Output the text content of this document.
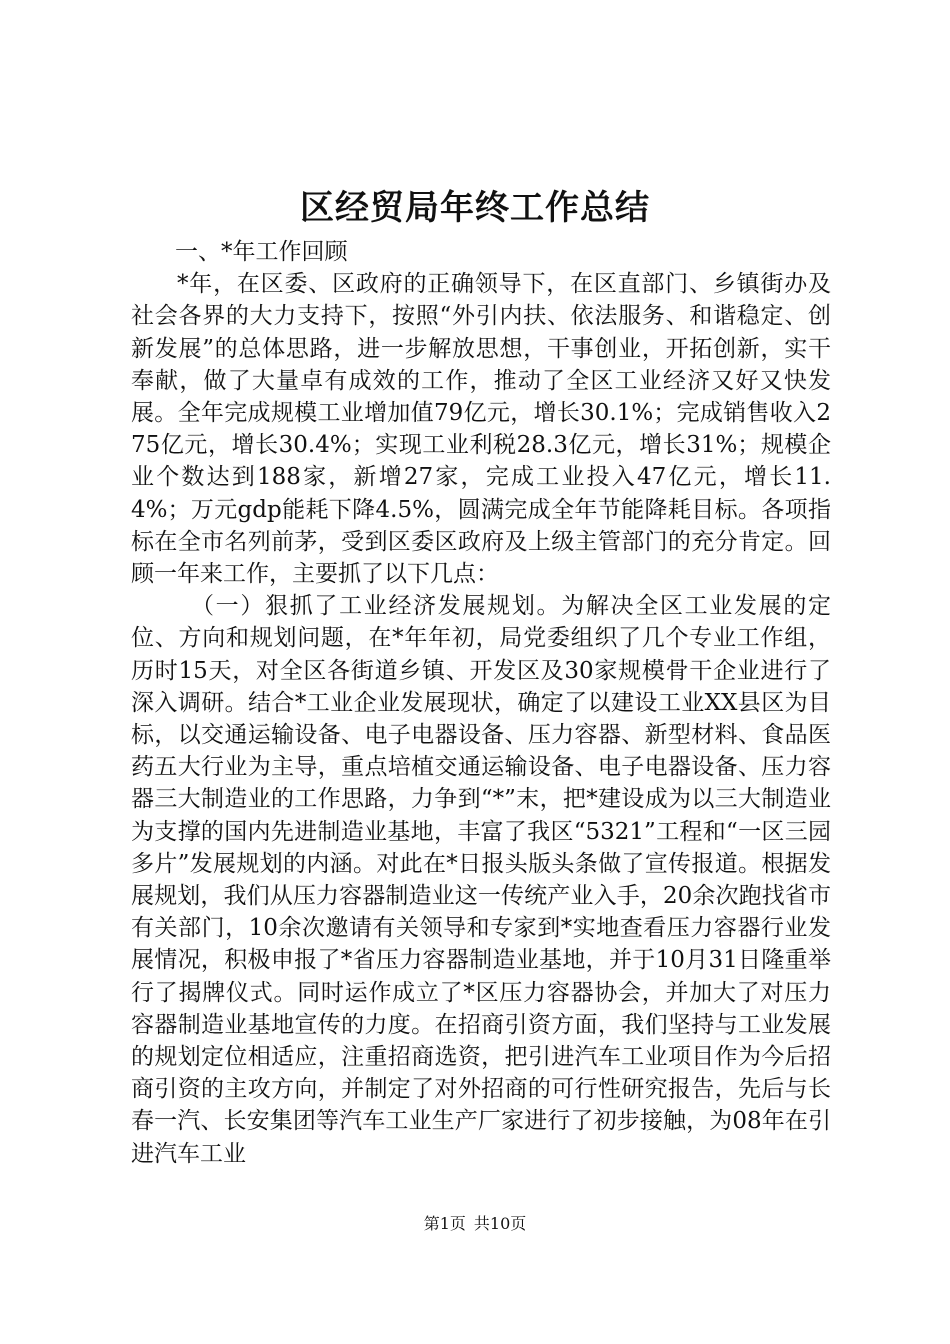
区经贸局年终工作总结

一、*年工作回顾

*年，在区委、区政府的正确领导下，在区直部门、乡镇街办及社会各界的大力支持下，按照“外引内扶、依法服务、和谐稳定、创新发展”的总体思路，进一步解放思想，干事创业，开拓创新，实干奉献，做了大量卓有成效的工作，推动了全区工业经济又好又快发展。全年完成规模工业增加值79亿元，增长30.1%；完成销售收入275亿元，增长30.4%；实现工业利税28.3亿元，增长31%；规模企业个数达到188家，新增27家，完成工业投入47亿元，增长11.4%；万元gdp能耗下降4.5%，圆满完成全年节能降耗目标。各项指标在全市名列前茅，受到区委区政府及上级主管部门的充分肯定。回顾一年来工作，主要抓了以下几点：

（一）狠抓了工业经济发展规划。为解决全区工业发展的定位、方向和规划问题，在*年年初，局党委组织了几个专业工作组，历时15天，对全区各街道乡镇、开发区及30家规模骨干企业进行了深入调研。结合*工业企业发展现状，确定了以建设工业XX县区为目标，以交通运输设备、电子电器设备、压力容器、新型材料、食品医药五大行业为主导，重点培植交通运输设备、电子电器设备、压力容器三大制造业的工作思路，力争到“*”末，把*建设成为以三大制造业为支撑的国内先进制造业基地，丰富了我区“5321”工程和“一区三园多片”发展规划的内涵。对此在*日报头版头条做了宣传报道。根据发展规划，我们从压力容器制造业这一传统产业入手，20余次跑找省市有关部门，10余次邀请有关领导和专家到*实地查看压力容器行业发展情况，积极申报了*省压力容器制造业基地，并于10月31日隆重举行了揭牌仪式。同时运作成立了*区压力容器协会，并加大了对压力容器制造业基地宣传的力度。在招商引资方面，我们坚持与工业发展的规划定位相适应，注重招商选资，把引进汽车工业项目作为今后招商引资的主攻方向，并制定了对外招商的可行性研究报告，先后与长春一汽、长安集团等汽车工业生产厂家进行了初步接触，为08年在引进汽车工业

第1页 共10页
